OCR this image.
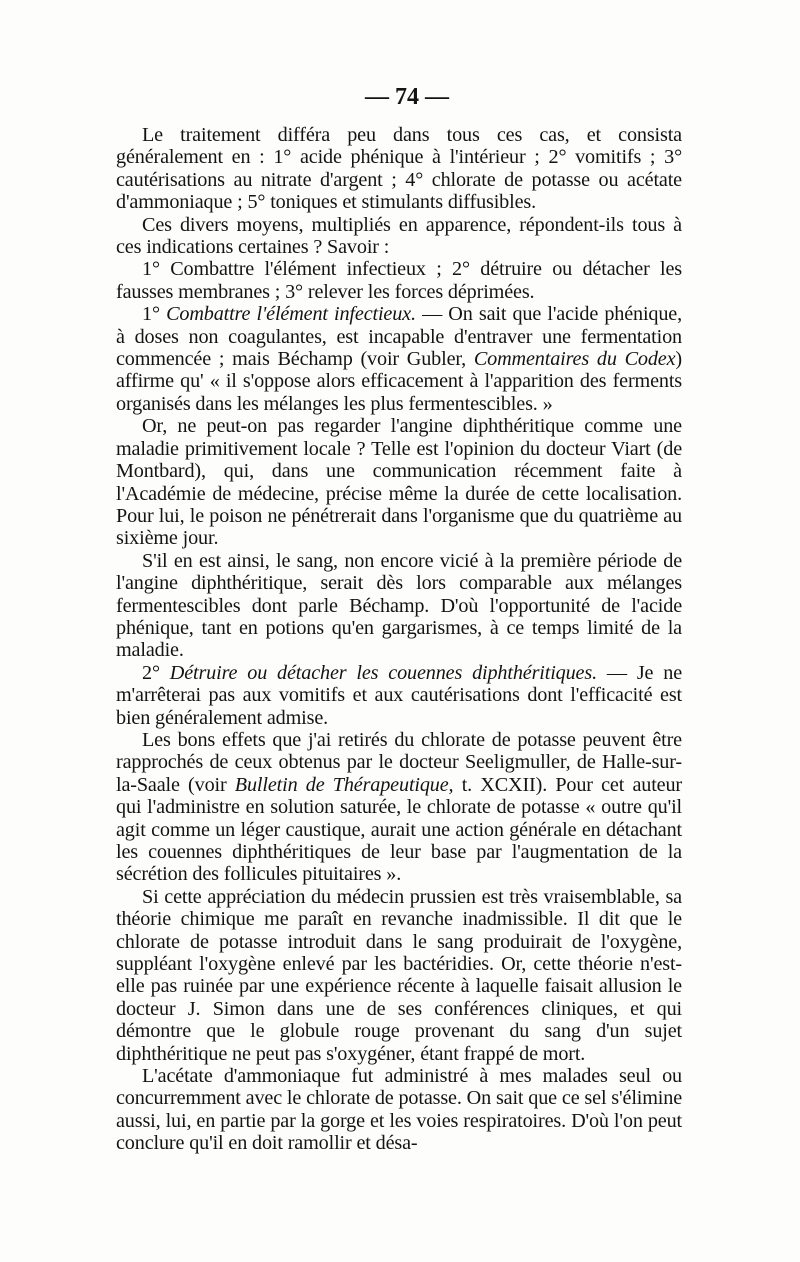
— 74 —

Le traitement différa peu dans tous ces cas, et consista généralement en : 1° acide phénique à l'intérieur ; 2° vomitifs ; 3° cautérisations au nitrate d'argent ; 4° chlorate de potasse ou acétate d'ammoniaque ; 5° toniques et stimulants diffusibles.

Ces divers moyens, multipliés en apparence, répondent-ils tous à ces indications certaines ? Savoir :

1° Combattre l'élément infectieux ; 2° détruire ou détacher les fausses membranes ; 3° relever les forces déprimées.

1° Combattre l'élément infectieux. — On sait que l'acide phénique, à doses non coagulantes, est incapable d'entraver une fermentation commencée ; mais Béchamp (voir Gubler, Commentaires du Codex) affirme qu' « il s'oppose alors efficacement à l'apparition des ferments organisés dans les mélanges les plus fermentescibles. »

Or, ne peut-on pas regarder l'angine diphthéritique comme une maladie primitivement locale ? Telle est l'opinion du docteur Viart (de Montbard), qui, dans une communication récemment faite à l'Académie de médecine, précise même la durée de cette localisation. Pour lui, le poison ne pénétrerait dans l'organisme que du quatrième au sixième jour.

S'il en est ainsi, le sang, non encore vicié à la première période de l'angine diphthéritique, serait dès lors comparable aux mélanges fermentescibles dont parle Béchamp. D'où l'opportunité de l'acide phénique, tant en potions qu'en gargarismes, à ce temps limité de la maladie.

2° Détruire ou détacher les couennes diphthéritiques. — Je ne m'arrêterai pas aux vomitifs et aux cautérisations dont l'efficacité est bien généralement admise.

Les bons effets que j'ai retirés du chlorate de potasse peuvent être rapprochés de ceux obtenus par le docteur Seeligmuller, de Halle-sur-la-Saale (voir Bulletin de Thérapeutique, t. XCXII). Pour cet auteur qui l'administre en solution saturée, le chlorate de potasse « outre qu'il agit comme un léger caustique, aurait une action générale en détachant les couennes diphthéritiques de leur base par l'augmentation de la sécrétion des follicules pituitaires ».

Si cette appréciation du médecin prussien est très vraisemblable, sa théorie chimique me paraît en revanche inadmissible. Il dit que le chlorate de potasse introduit dans le sang produirait de l'oxygène, suppléant l'oxygène enlevé par les bactéridies. Or, cette théorie n'est-elle pas ruinée par une expérience récente à laquelle faisait allusion le docteur J. Simon dans une de ses conférences cliniques, et qui démontre que le globule rouge provenant du sang d'un sujet diphthéritique ne peut pas s'oxygéner, étant frappé de mort.

L'acétate d'ammoniaque fut administré à mes malades seul ou concurremment avec le chlorate de potasse. On sait que ce sel s'élimine aussi, lui, en partie par la gorge et les voies respiratoires. D'où l'on peut conclure qu'il en doit ramollir et désa-
